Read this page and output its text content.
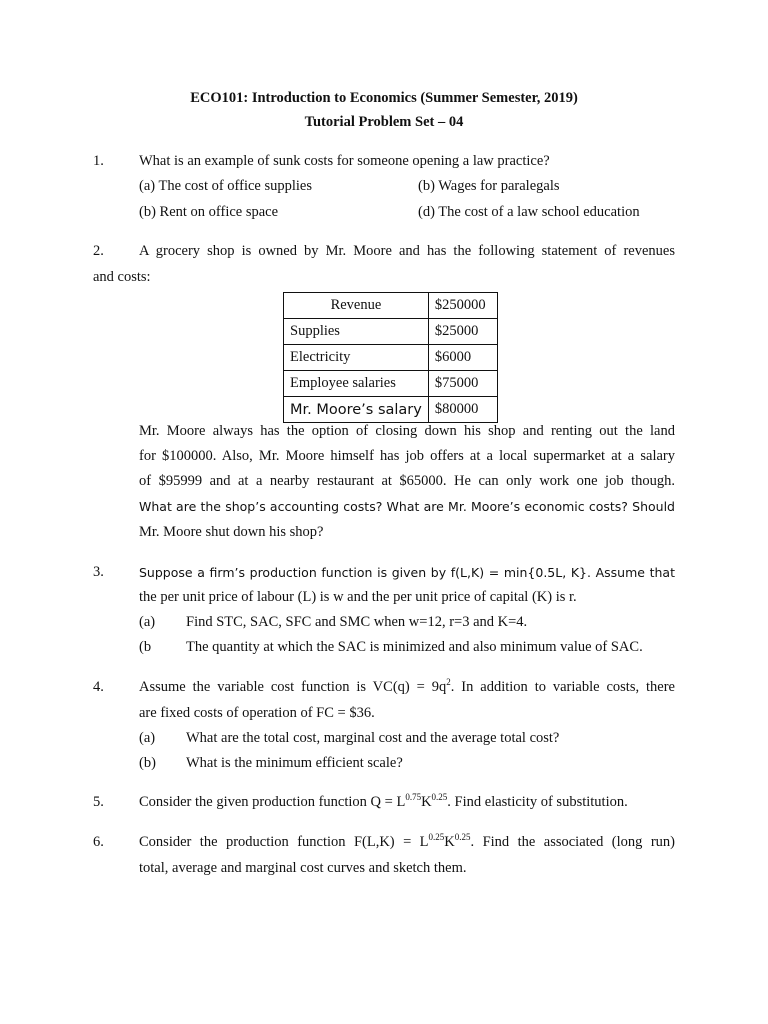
ECO101: Introduction to Economics (Summer Semester, 2019)
Tutorial Problem Set – 04
1. What is an example of sunk costs for someone opening a law practice?
(a) The cost of office supplies	(b) Wages for paralegals
(b) Rent on office space	(d) The cost of a law school education
2. A grocery shop is owned by Mr. Moore and has the following statement of revenues
and costs:
Revenue	$250000
Supplies	$25000
Electricity	$6000
Employee salaries	$75000
Mr. Moore’s salary	$80000
Mr. Moore always has the option of closing down his shop and renting out the land
for $100000. Also, Mr. Moore himself has job offers at a local supermarket at a salary
of $95999 and at a nearby restaurant at $65000. He can only work one job though.
What are the shop’s accounting costs? What are Mr. Moore’s economic costs? Should
Mr. Moore shut down his shop?
3.	Suppose a firm’s production function is given by f(L,K) = min{0.5L, K}. Assume that
the per unit price of labour (L) is w and the per unit price of capital (K) is r.
(a) Find STC, SAC, SFC and SMC when w=12, r=3 and K=4.
(b The quantity at which the SAC is minimized and also minimum value of SAC.
4. Assume the variable cost function is $VC(q) = 9q^2$. In addition to variable costs, there
are fixed costs of operation of FC = $36.
(a) What are the total cost, marginal cost and the average total cost?
(b) What is the minimum efficient scale?
5. Consider the given production function $Q = L^{0.75}K^{0.25}$. Find elasticity of substitution.
6. Consider the production function $F(L,K) = L^{0.25}K^{0.25}$. Find the associated (long run)
total, average and marginal cost curves and sketch them.
